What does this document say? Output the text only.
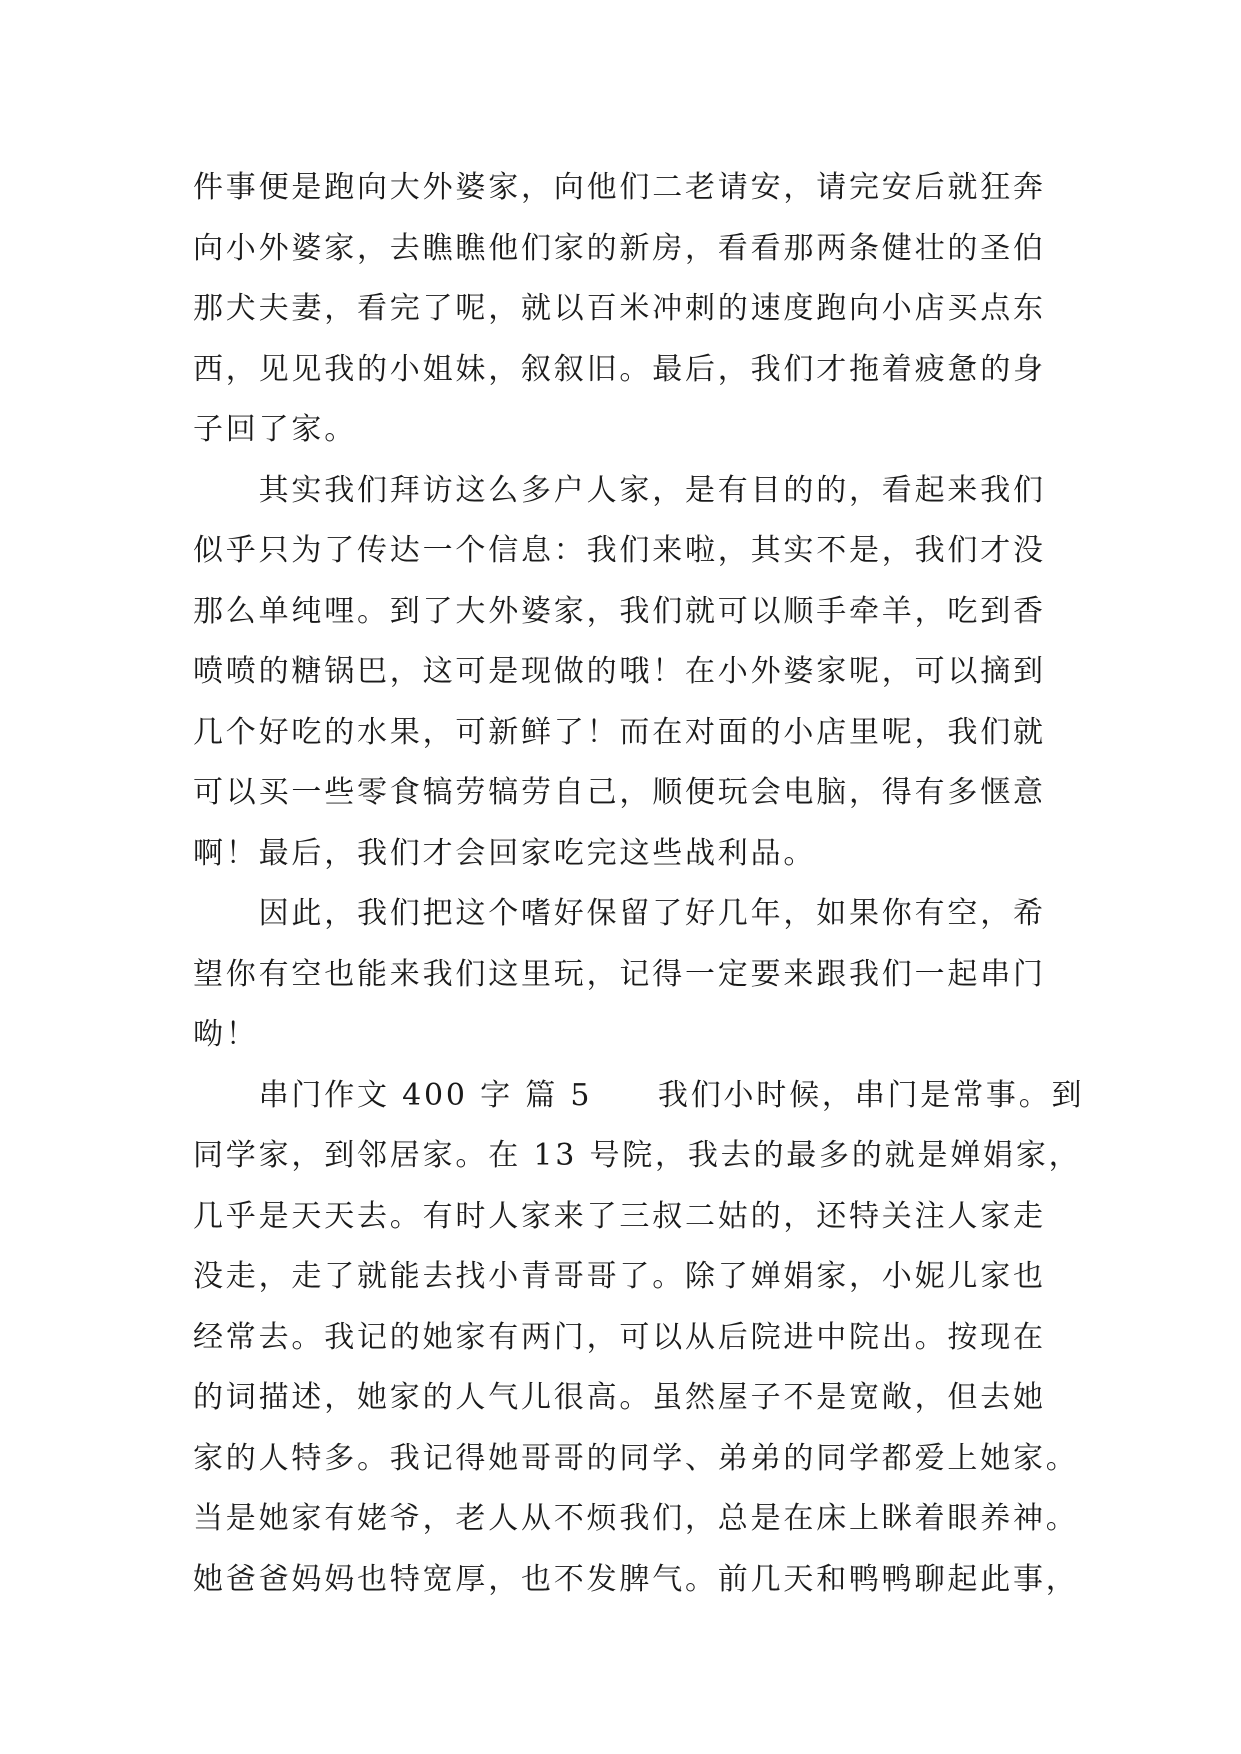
件事便是跑向大外婆家，向他们二老请安，请完安后就狂奔
向小外婆家，去瞧瞧他们家的新房，看看那两条健壮的圣伯
那犬夫妻，看完了呢，就以百米冲刺的速度跑向小店买点东
西，见见我的小姐妹，叙叙旧。最后，我们才拖着疲惫的身
子回了家。
　　其实我们拜访这么多户人家，是有目的的，看起来我们
似乎只为了传达一个信息：我们来啦，其实不是，我们才没
那么单纯哩。到了大外婆家，我们就可以顺手牵羊，吃到香
喷喷的糖锅巴，这可是现做的哦！在小外婆家呢，可以摘到
几个好吃的水果，可新鲜了！而在对面的小店里呢，我们就
可以买一些零食犒劳犒劳自己，顺便玩会电脑，得有多惬意
啊！最后，我们才会回家吃完这些战利品。
　　因此，我们把这个嗜好保留了好几年，如果你有空，希
望你有空也能来我们这里玩，记得一定要来跟我们一起串门
呦！
　　串门作文 400 字 篇 5　　我们小时候，串门是常事。到
同学家，到邻居家。在 13 号院，我去的最多的就是婵娟家，
几乎是天天去。有时人家来了三叔二姑的，还特关注人家走
没走，走了就能去找小青哥哥了。除了婵娟家，小妮儿家也
经常去。我记的她家有两门，可以从后院进中院出。按现在
的词描述，她家的人气儿很高。虽然屋子不是宽敞，但去她
家的人特多。我记得她哥哥的同学、弟弟的同学都爱上她家。
当是她家有姥爷，老人从不烦我们，总是在床上眯着眼养神。
她爸爸妈妈也特宽厚，也不发脾气。前几天和鸭鸭聊起此事，
